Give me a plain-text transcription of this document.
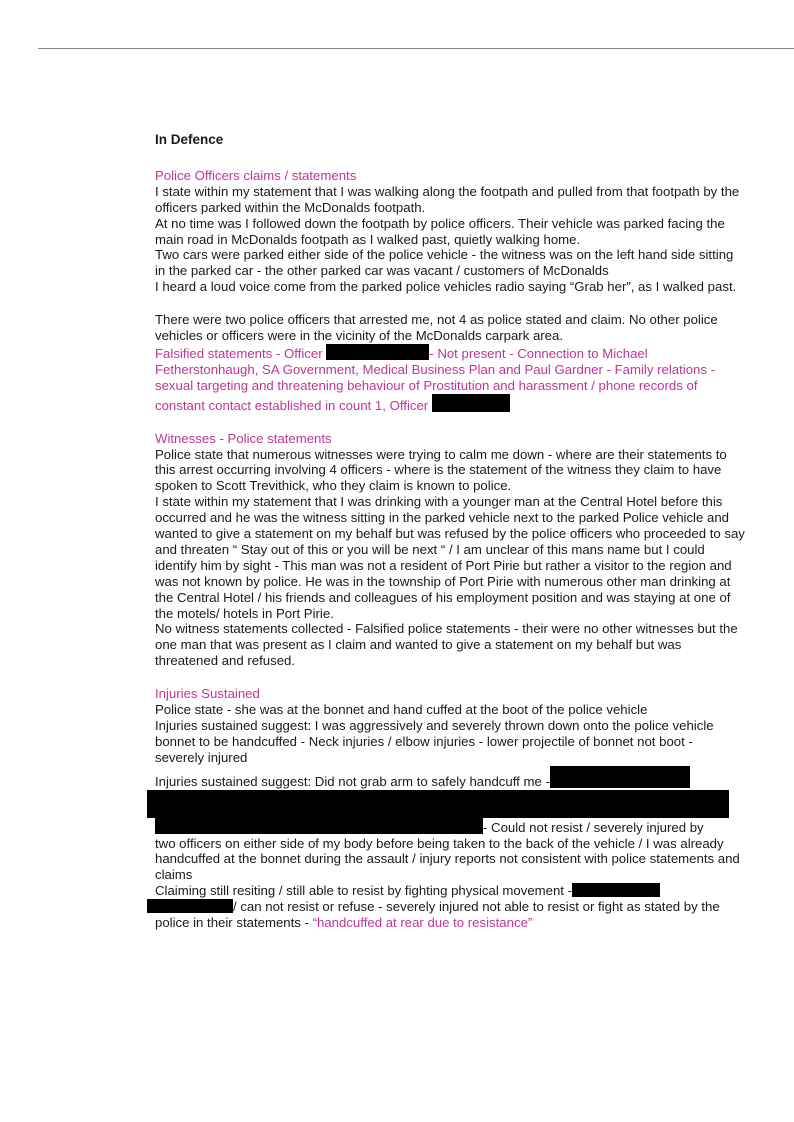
In Defence

Police Officers claims / statements

I state within my statement that I was walking along the footpath and pulled from that footpath by the officers parked within the McDonalds footpath.

At no time was I followed down the footpath by police officers. Their vehicle was parked facing the main road in McDonalds footpath as I walked past, quietly walking home.

Two cars were parked either side of the police vehicle - the witness was on the left hand side sitting in the parked car - the other parked car was vacant / customers of McDonalds

I heard a loud voice come from the parked police vehicles radio saying “Grab her”, as I walked past.

There were two police officers that arrested me, not 4 as police stated and claim. No other police vehicles or officers were in the vicinity of the McDonalds carpark area.

Falsified statements - Officer	- Not present - Connection to Michael Fetherstonhaugh, SA Government, Medical Business Plan and Paul Gardner - Family relations - sexual targeting and threatening behaviour of Prostitution and harassment / phone records of constant contact established in count 1, Officer

Witnesses - Police statements

Police state that numerous witnesses were trying to calm me down - where are their statements to this arrest occurring involving 4 officers - where is the statement of the witness they claim to have spoken to Scott Trevithick, who they claim is known to police.

I state within my statement that I was drinking with a younger man at the Central Hotel before this occurred and he was the witness sitting in the parked vehicle next to the parked Police vehicle and wanted to give a statement on my behalf but was refused by the police officers who proceeded to say and threaten “ Stay out of this or you will be next “ / I am unclear of this mans name but I could identify him by sight - This man was not a resident of Port Pirie but rather a visitor to the region and was not known by police. He was in the township of Port Pirie with numerous other man drinking at the Central Hotel / his friends and colleagues of his employment position and was staying at one of the motels/ hotels in Port Pirie.

No witness statements collected - Falsified police statements - their were no other witnesses but the one man that was present as I claim and wanted to give a statement on my behalf but was threatened and refused.

Injuries Sustained

Police state - she was at the bonnet and hand cuffed at the boot of the police vehicle

Injuries sustained suggest: I was aggressively and severely thrown down onto the police vehicle bonnet to be handcuffed - Neck injuries / elbow injuries - lower projectile of bonnet not boot - severely injured

Injuries sustained suggest: Did not grab arm to safely handcuff me -

- Could not resist / severely injured by

two officers on either side of my body before being taken to the back of the vehicle / I was already handcuffed at the bonnet during the assault / injury reports not consistent with police statements and claims

Claiming still resiting / still able to resist by fighting physical movement -

/ can not resist or refuse - severely injured not able to resist or fight as stated by the police in their statements - “handcuffed at rear due to resistance”
